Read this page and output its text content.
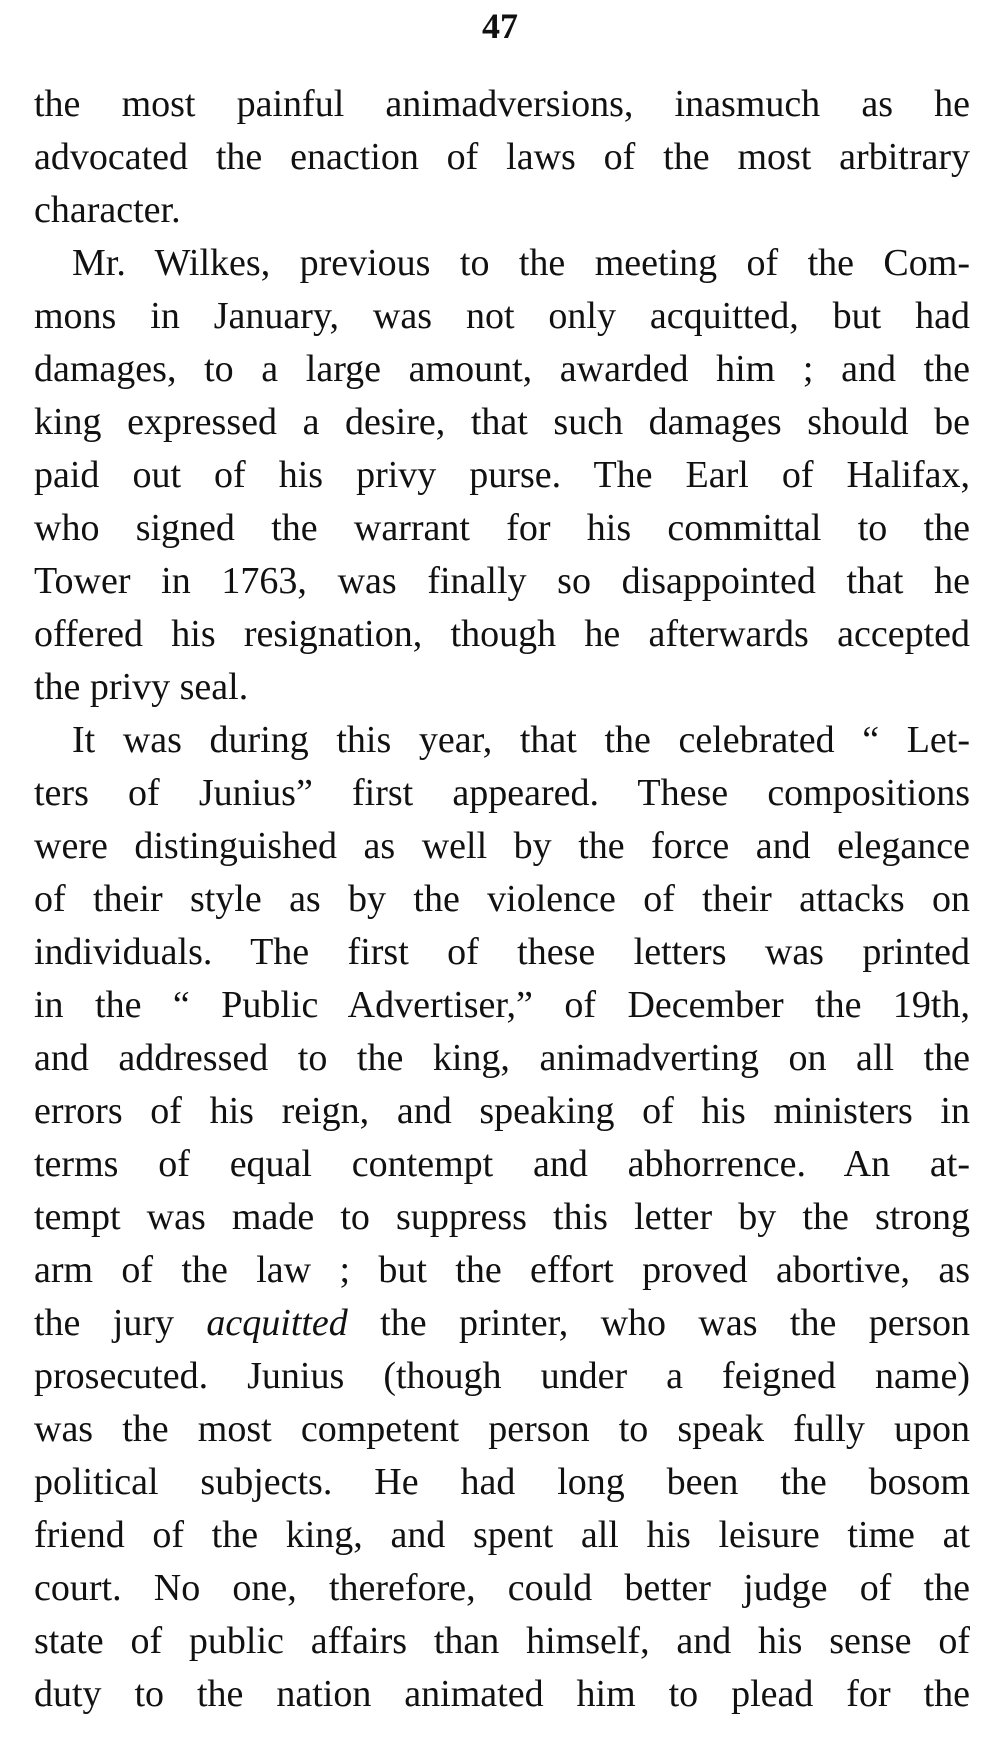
47
the most painful animadversions, inasmuch as he
advocated the enaction of laws of the most arbitrary
character.
Mr. Wilkes, previous to the meeting of the Com-
mons in January, was not only acquitted, but had
damages, to a large amount, awarded him ; and the
king expressed a desire, that such damages should be
paid out of his privy purse. The Earl of Halifax,
who signed the warrant for his committal to the
Tower in 1763, was finally so disappointed that he
offered his resignation, though he afterwards accepted
the privy seal.
It was during this year, that the celebrated “ Let-
ters of Junius” first appeared. These compositions
were distinguished as well by the force and elegance
of their style as by the violence of their attacks on
individuals. The first of these letters was printed
in the “ Public Advertiser,” of December the 19th,
and addressed to the king, animadverting on all the
errors of his reign, and speaking of his ministers in
terms of equal contempt and abhorrence. An at-
tempt was made to suppress this letter by the strong
arm of the law ; but the effort proved abortive, as
the jury acquitted the printer, who was the person
prosecuted. Junius (though under a feigned name)
was the most competent person to speak fully upon
political subjects. He had long been the bosom
friend of the king, and spent all his leisure time at
court. No one, therefore, could better judge of the
state of public affairs than himself, and his sense of
duty to the nation animated him to plead for the
